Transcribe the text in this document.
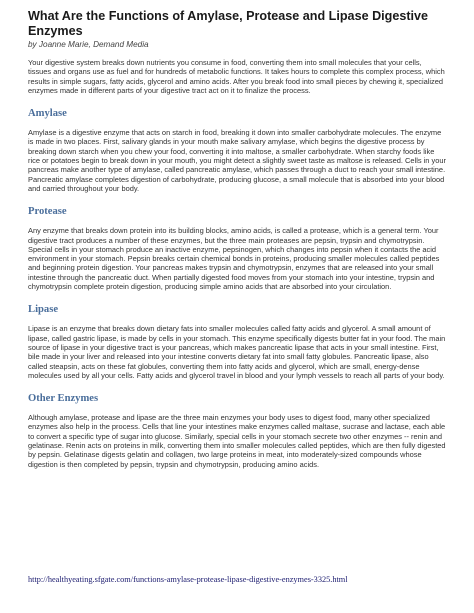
What Are the Functions of Amylase, Protease and Lipase Digestive Enzymes
by Joanne Marie, Demand Media

Your digestive system breaks down nutrients you consume in food, converting them into small molecules that your cells, tissues and organs use as fuel and for hundreds of metabolic functions. It takes hours to complete this complex process, which results in simple sugars, fatty acids, glycerol and amino acids. After you break food into small pieces by chewing it, specialized enzymes made in different parts of your digestive tract act on it to finalize the process.

Amylase

Amylase is a digestive enzyme that acts on starch in food, breaking it down into smaller carbohydrate molecules. The enzyme is made in two places. First, salivary glands in your mouth make salivary amylase, which begins the digestive process by breaking down starch when you chew your food, converting it into maltose, a smaller carbohydrate. When starchy foods like rice or potatoes begin to break down in your mouth, you might detect a slightly sweet taste as maltose is released. Cells in your pancreas make another type of amylase, called pancreatic amylase, which passes through a duct to reach your small intestine. Pancreatic amylase completes digestion of carbohydrate, producing glucose, a small molecule that is absorbed into your blood and carried throughout your body.

Protease

Any enzyme that breaks down protein into its building blocks, amino acids, is called a protease, which is a general term. Your digestive tract produces a number of these enzymes, but the three main proteases are pepsin, trypsin and chymotrypsin. Special cells in your stomach produce an inactive enzyme, pepsinogen, which changes into pepsin when it contacts the acid environment in your stomach. Pepsin breaks certain chemical bonds in proteins, producing smaller molecules called peptides and beginning protein digestion. Your pancreas makes trypsin and chymotrypsin, enzymes that are released into your small intestine through the pancreatic duct. When partially digested food moves from your stomach into your intestine, trypsin and chymotrypsin complete protein digestion, producing simple amino acids that are absorbed into your circulation.

Lipase

Lipase is an enzyme that breaks down dietary fats into smaller molecules called fatty acids and glycerol. A small amount of lipase, called gastric lipase, is made by cells in your stomach. This enzyme specifically digests butter fat in your food. The main source of lipase in your digestive tract is your pancreas, which makes pancreatic lipase that acts in your small intestine. First, bile made in your liver and released into your intestine converts dietary fat into small fatty globules. Pancreatic lipase, also called steapsin, acts on these fat globules, converting them into fatty acids and glycerol, which are small, energy-dense molecules used by all your cells. Fatty acids and glycerol travel in blood and your lymph vessels to reach all parts of your body.

Other Enzymes

Although amylase, protease and lipase are the three main enzymes your body uses to digest food, many other specialized enzymes also help in the process. Cells that line your intestines make enzymes called maltase, sucrase and lactase, each able to convert a specific type of sugar into glucose. Similarly, special cells in your stomach secrete two other enzymes -- renin and gelatinase. Renin acts on proteins in milk, converting them into smaller molecules called peptides, which are then fully digested by pepsin. Gelatinase digests gelatin and collagen, two large proteins in meat, into moderately-sized compounds whose digestion is then completed by pepsin, trypsin and chymotrypsin, producing amino acids.

http://healthyeating.sfgate.com/functions-amylase-protease-lipase-digestive-enzymes-3325.html
